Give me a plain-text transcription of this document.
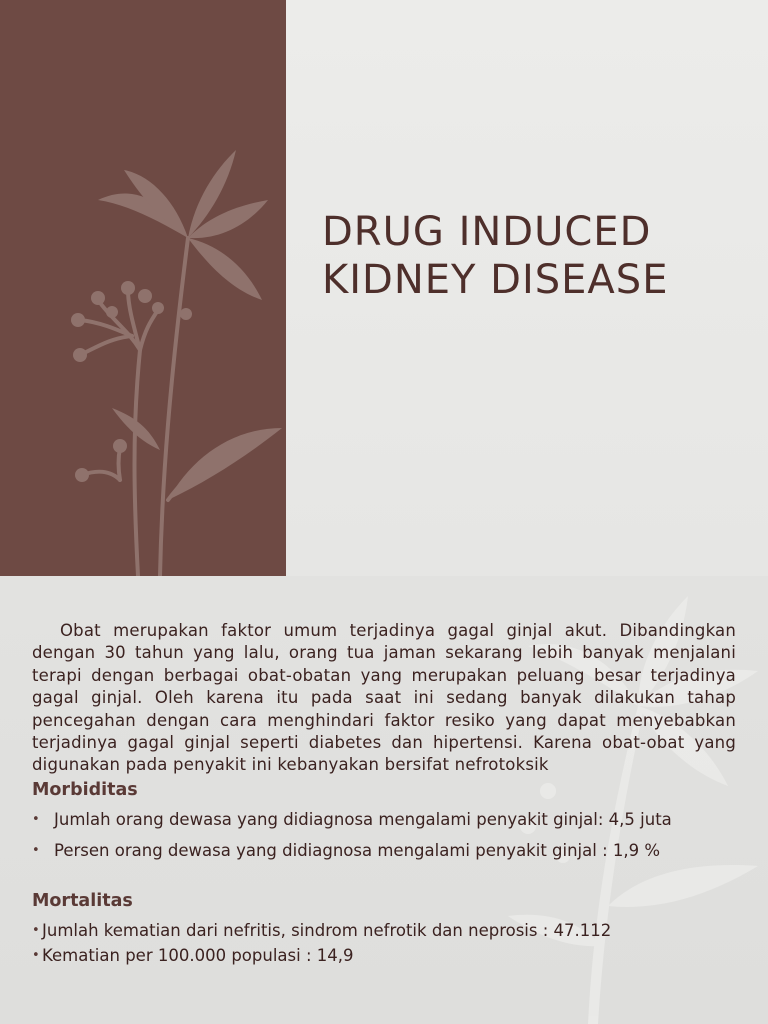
DRUG INDUCED
KIDNEY DISEASE

Obat merupakan faktor umum terjadinya gagal ginjal akut. Dibandingkan dengan 30 tahun yang lalu, orang tua jaman sekarang lebih banyak menjalani terapi dengan berbagai obat-obatan yang merupakan peluang besar terjadinya gagal ginjal. Oleh karena itu pada saat ini sedang banyak dilakukan tahap pencegahan dengan cara menghindari faktor resiko yang dapat menyebabkan terjadinya gagal ginjal seperti diabetes dan hipertensi. Karena obat-obat yang digunakan pada penyakit ini kebanyakan bersifat nefrotoksik

Morbiditas
• Jumlah orang dewasa yang didiagnosa mengalami penyakit ginjal: 4,5 juta
• Persen orang dewasa yang didiagnosa mengalami penyakit ginjal : 1,9 %
Mortalitas
• Jumlah kematian dari nefritis, sindrom nefrotik dan neprosis : 47.112
• Kematian per 100.000 populasi : 14,9
